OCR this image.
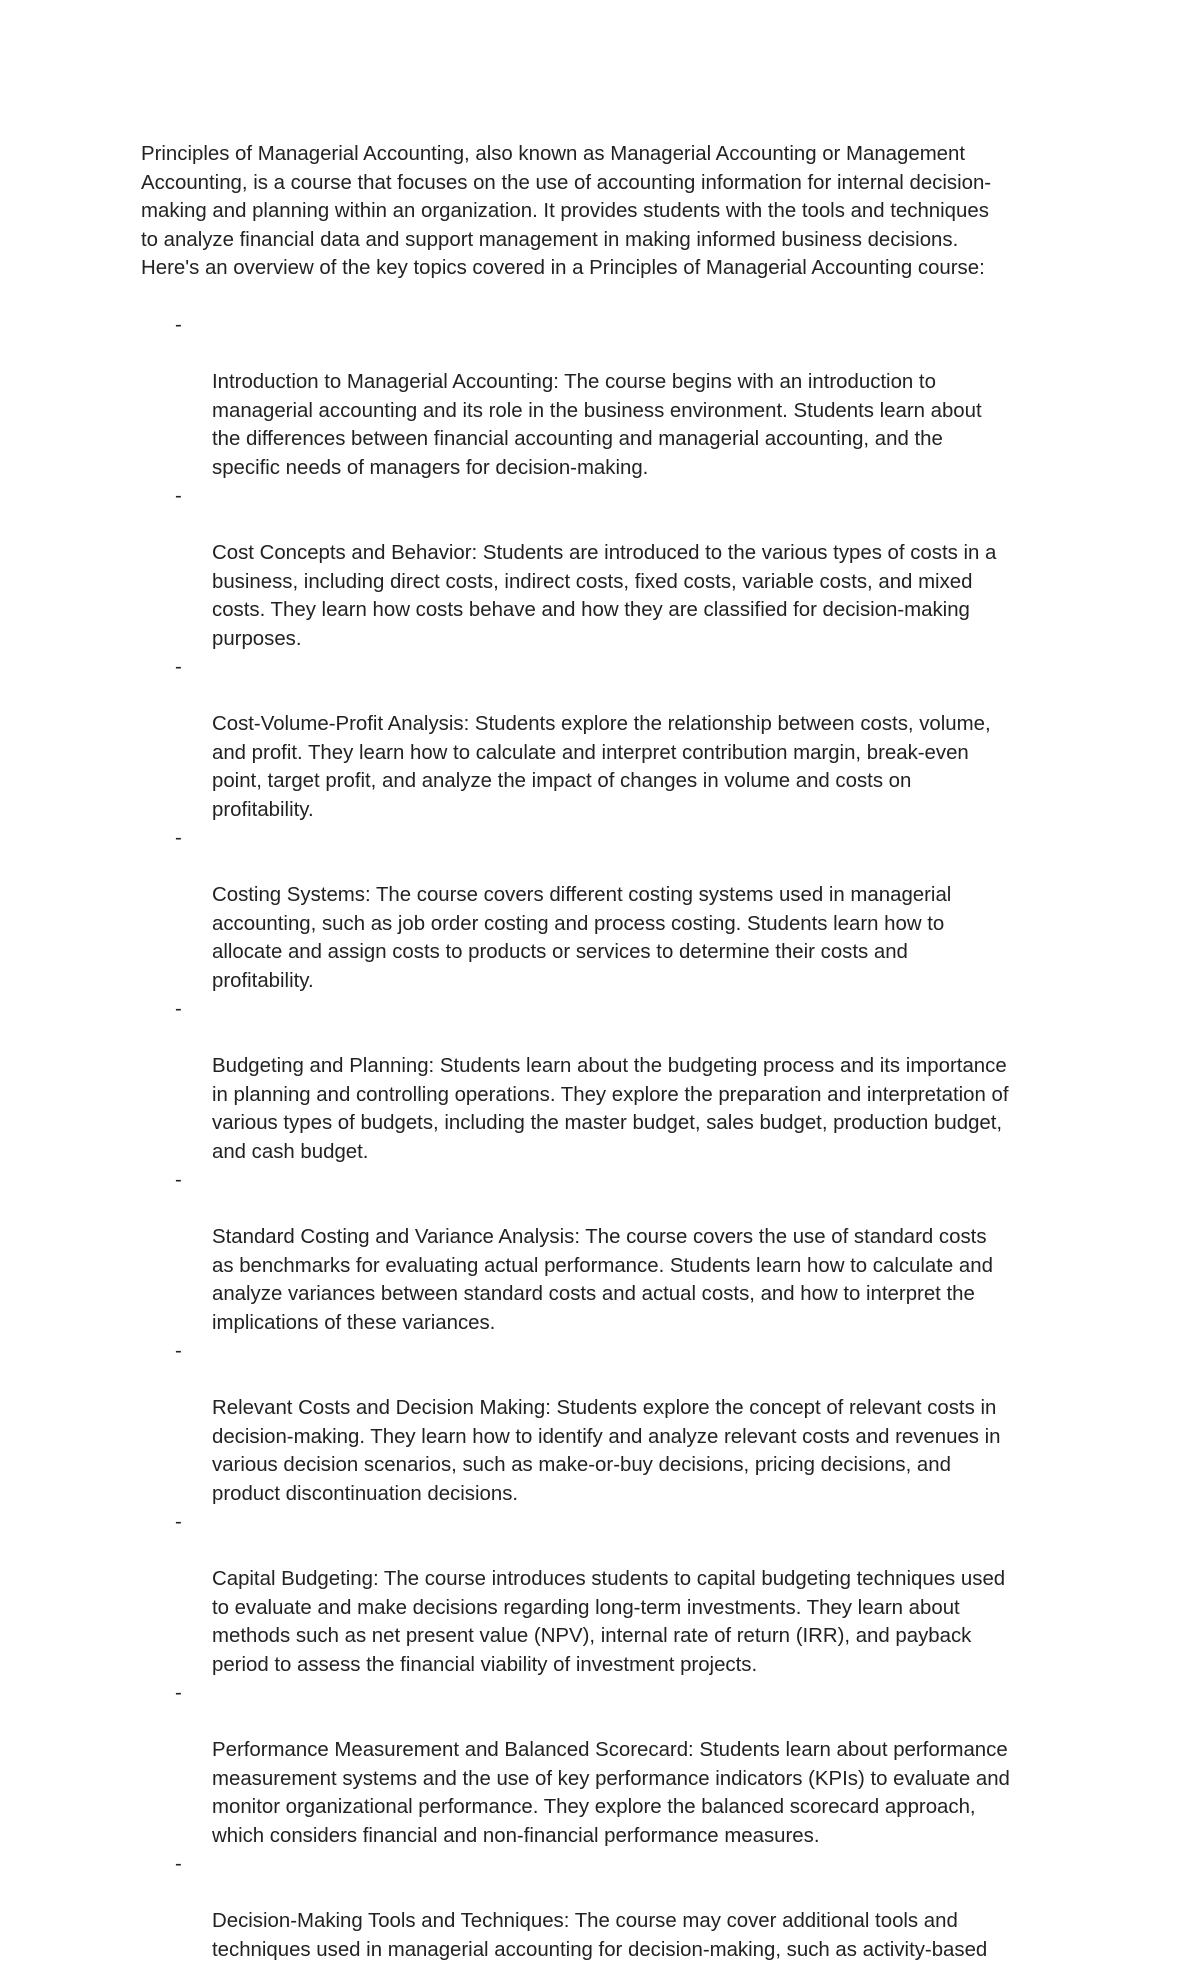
Principles of Managerial Accounting, also known as Managerial Accounting or Management
Accounting, is a course that focuses on the use of accounting information for internal decision-
making and planning within an organization. It provides students with the tools and techniques
to analyze financial data and support management in making informed business decisions.
Here's an overview of the key topics covered in a Principles of Managerial Accounting course:

-

Introduction to Managerial Accounting: The course begins with an introduction to
managerial accounting and its role in the business environment. Students learn about
the differences between financial accounting and managerial accounting, and the
specific needs of managers for decision-making.

-

Cost Concepts and Behavior: Students are introduced to the various types of costs in a
business, including direct costs, indirect costs, fixed costs, variable costs, and mixed
costs. They learn how costs behave and how they are classified for decision-making
purposes.

-

Cost-Volume-Profit Analysis: Students explore the relationship between costs, volume,
and profit. They learn how to calculate and interpret contribution margin, break-even
point, target profit, and analyze the impact of changes in volume and costs on
profitability.

-

Costing Systems: The course covers different costing systems used in managerial
accounting, such as job order costing and process costing. Students learn how to
allocate and assign costs to products or services to determine their costs and
profitability.

-

Budgeting and Planning: Students learn about the budgeting process and its importance
in planning and controlling operations. They explore the preparation and interpretation of
various types of budgets, including the master budget, sales budget, production budget,
and cash budget.

-

Standard Costing and Variance Analysis: The course covers the use of standard costs
as benchmarks for evaluating actual performance. Students learn how to calculate and
analyze variances between standard costs and actual costs, and how to interpret the
implications of these variances.

-

Relevant Costs and Decision Making: Students explore the concept of relevant costs in
decision-making. They learn how to identify and analyze relevant costs and revenues in
various decision scenarios, such as make-or-buy decisions, pricing decisions, and
product discontinuation decisions.

-

Capital Budgeting: The course introduces students to capital budgeting techniques used
to evaluate and make decisions regarding long-term investments. They learn about
methods such as net present value (NPV), internal rate of return (IRR), and payback
period to assess the financial viability of investment projects.

-

Performance Measurement and Balanced Scorecard: Students learn about performance
measurement systems and the use of key performance indicators (KPIs) to evaluate and
monitor organizational performance. They explore the balanced scorecard approach,
which considers financial and non-financial performance measures.

-

Decision-Making Tools and Techniques: The course may cover additional tools and
techniques used in managerial accounting for decision-making, such as activity-based
